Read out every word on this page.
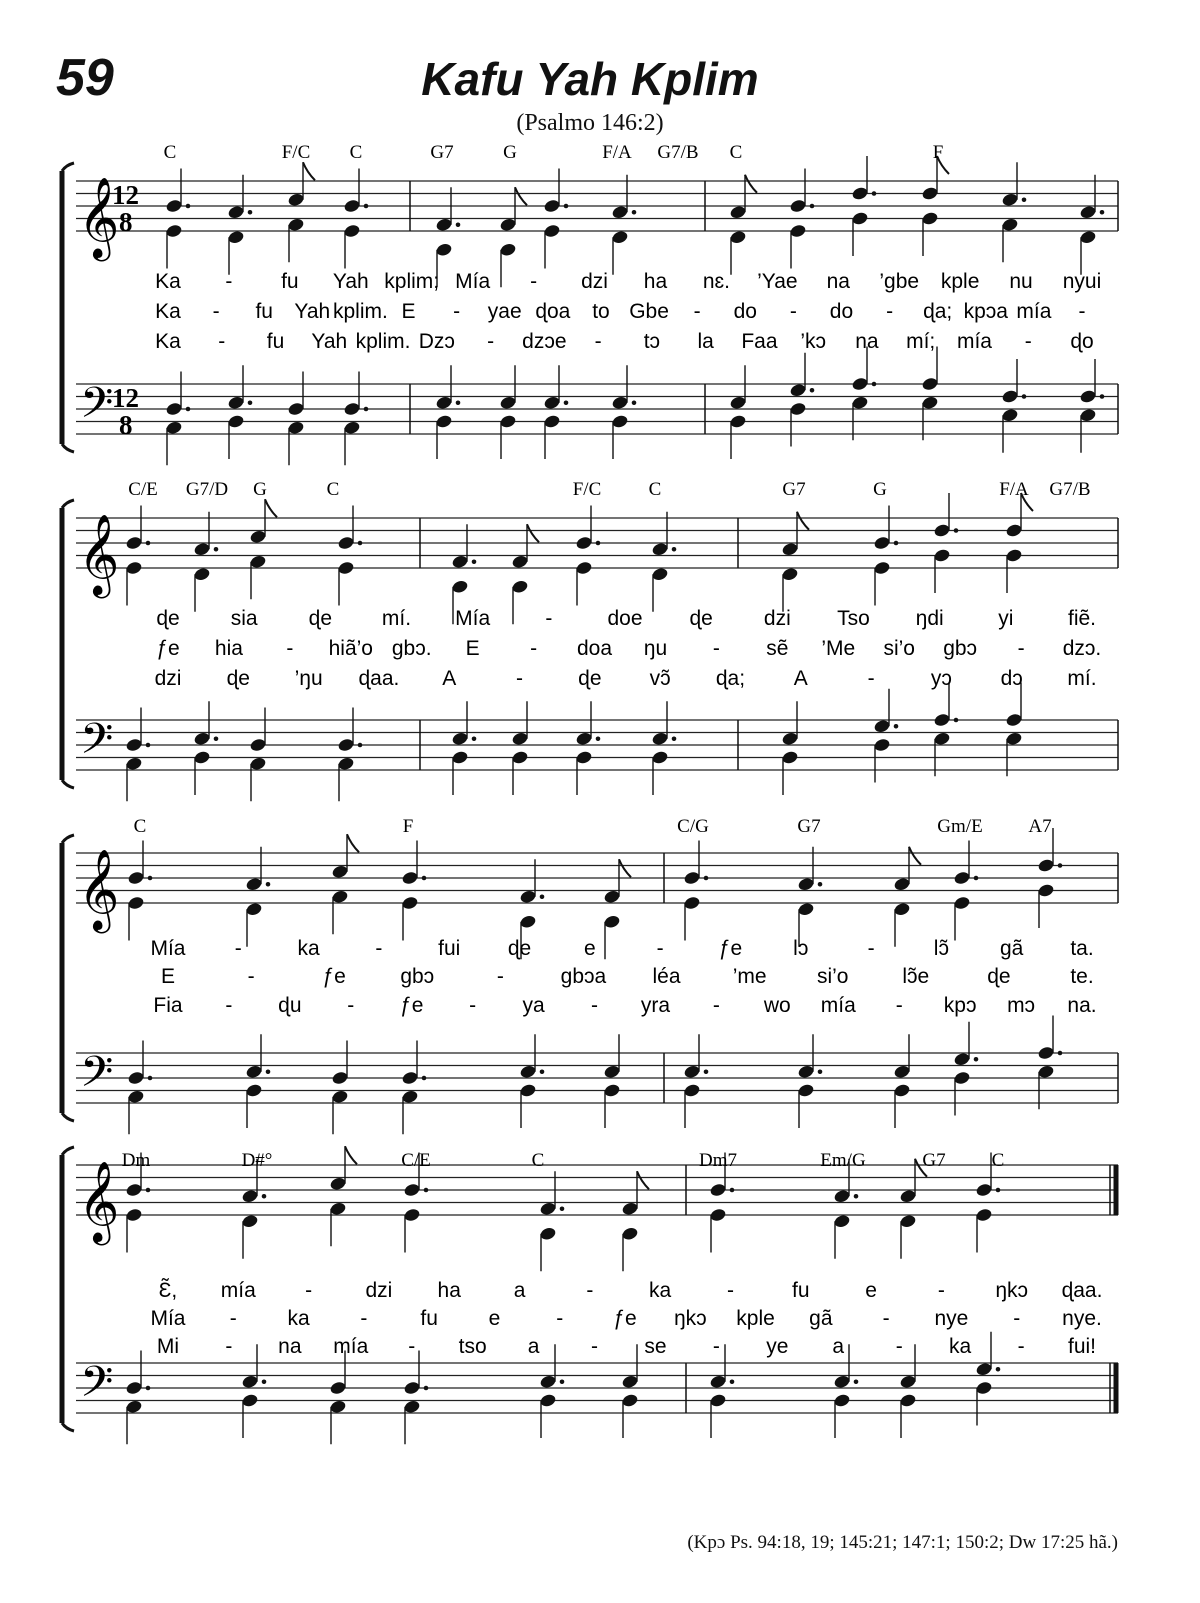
59	Kafu Yah Kplim
(Psalmo 146:2)
𝄞
12
8
𝄢
12
8
C	F/C C	G7	G	F/A G7/B C	F
Ka - fu Yah kplim; Mía - dzi ha nɛ. ’Yae na ’gbe kple nu nyui
Ka - fu Yah kplim. E - yae ɖoa to Gbe - do - do - ɖa; kpɔa mía -
Ka - fu Yah kplim. Dzɔ - dzɔe - tɔ la Faa ’kɔ na mí; mía - ɖo
𝄞
𝄢
C/E G7/D G	C	F/C C	G7	G	F/A G7/B
ɖe sia ɖe mí. Mía	-	doe ɖe dzi Tso ŋdi	yi	fiẽ.
ƒe hia - hiã’o gbɔ. E - doa ŋu - sẽ ’Me si’o gbɔ - dzɔ.
dzi ɖe ’ŋu ɖaa. A	-	ɖe vɔ̃ ɖa; A	-	yɔ dɔ mí.
𝄞
𝄢
C	F	C/G	G7	Gm/E A7
Mía -	ka	-	fui ɖe	e	-	ƒe lɔ	-	lɔ̃ gã ta.
E	-	ƒe	gbɔ	-	gbɔa léa ’me si’o	lɔ̃e	ɖe	te.
Fia - ɖu - ƒe - ya - yra - wo mía - kpɔ mɔ na.
𝄞
𝄢
Dm	D#°	C/E	C	Dm7	Em/G	G7 C
Ɛ̃, mía -	dzi ha	a	-	ka	-	fu	e	- ŋkɔ ɖaa.
Mía - ka -	fu e	- ƒe ŋkɔ kple gã - nye - nye.
Mi - na mía - tso a - se - ye a - ka - fui!
(Kpɔ Ps. 94:18, 19; 145:21; 147:1; 150:2; Dw 17:25 hã.)
